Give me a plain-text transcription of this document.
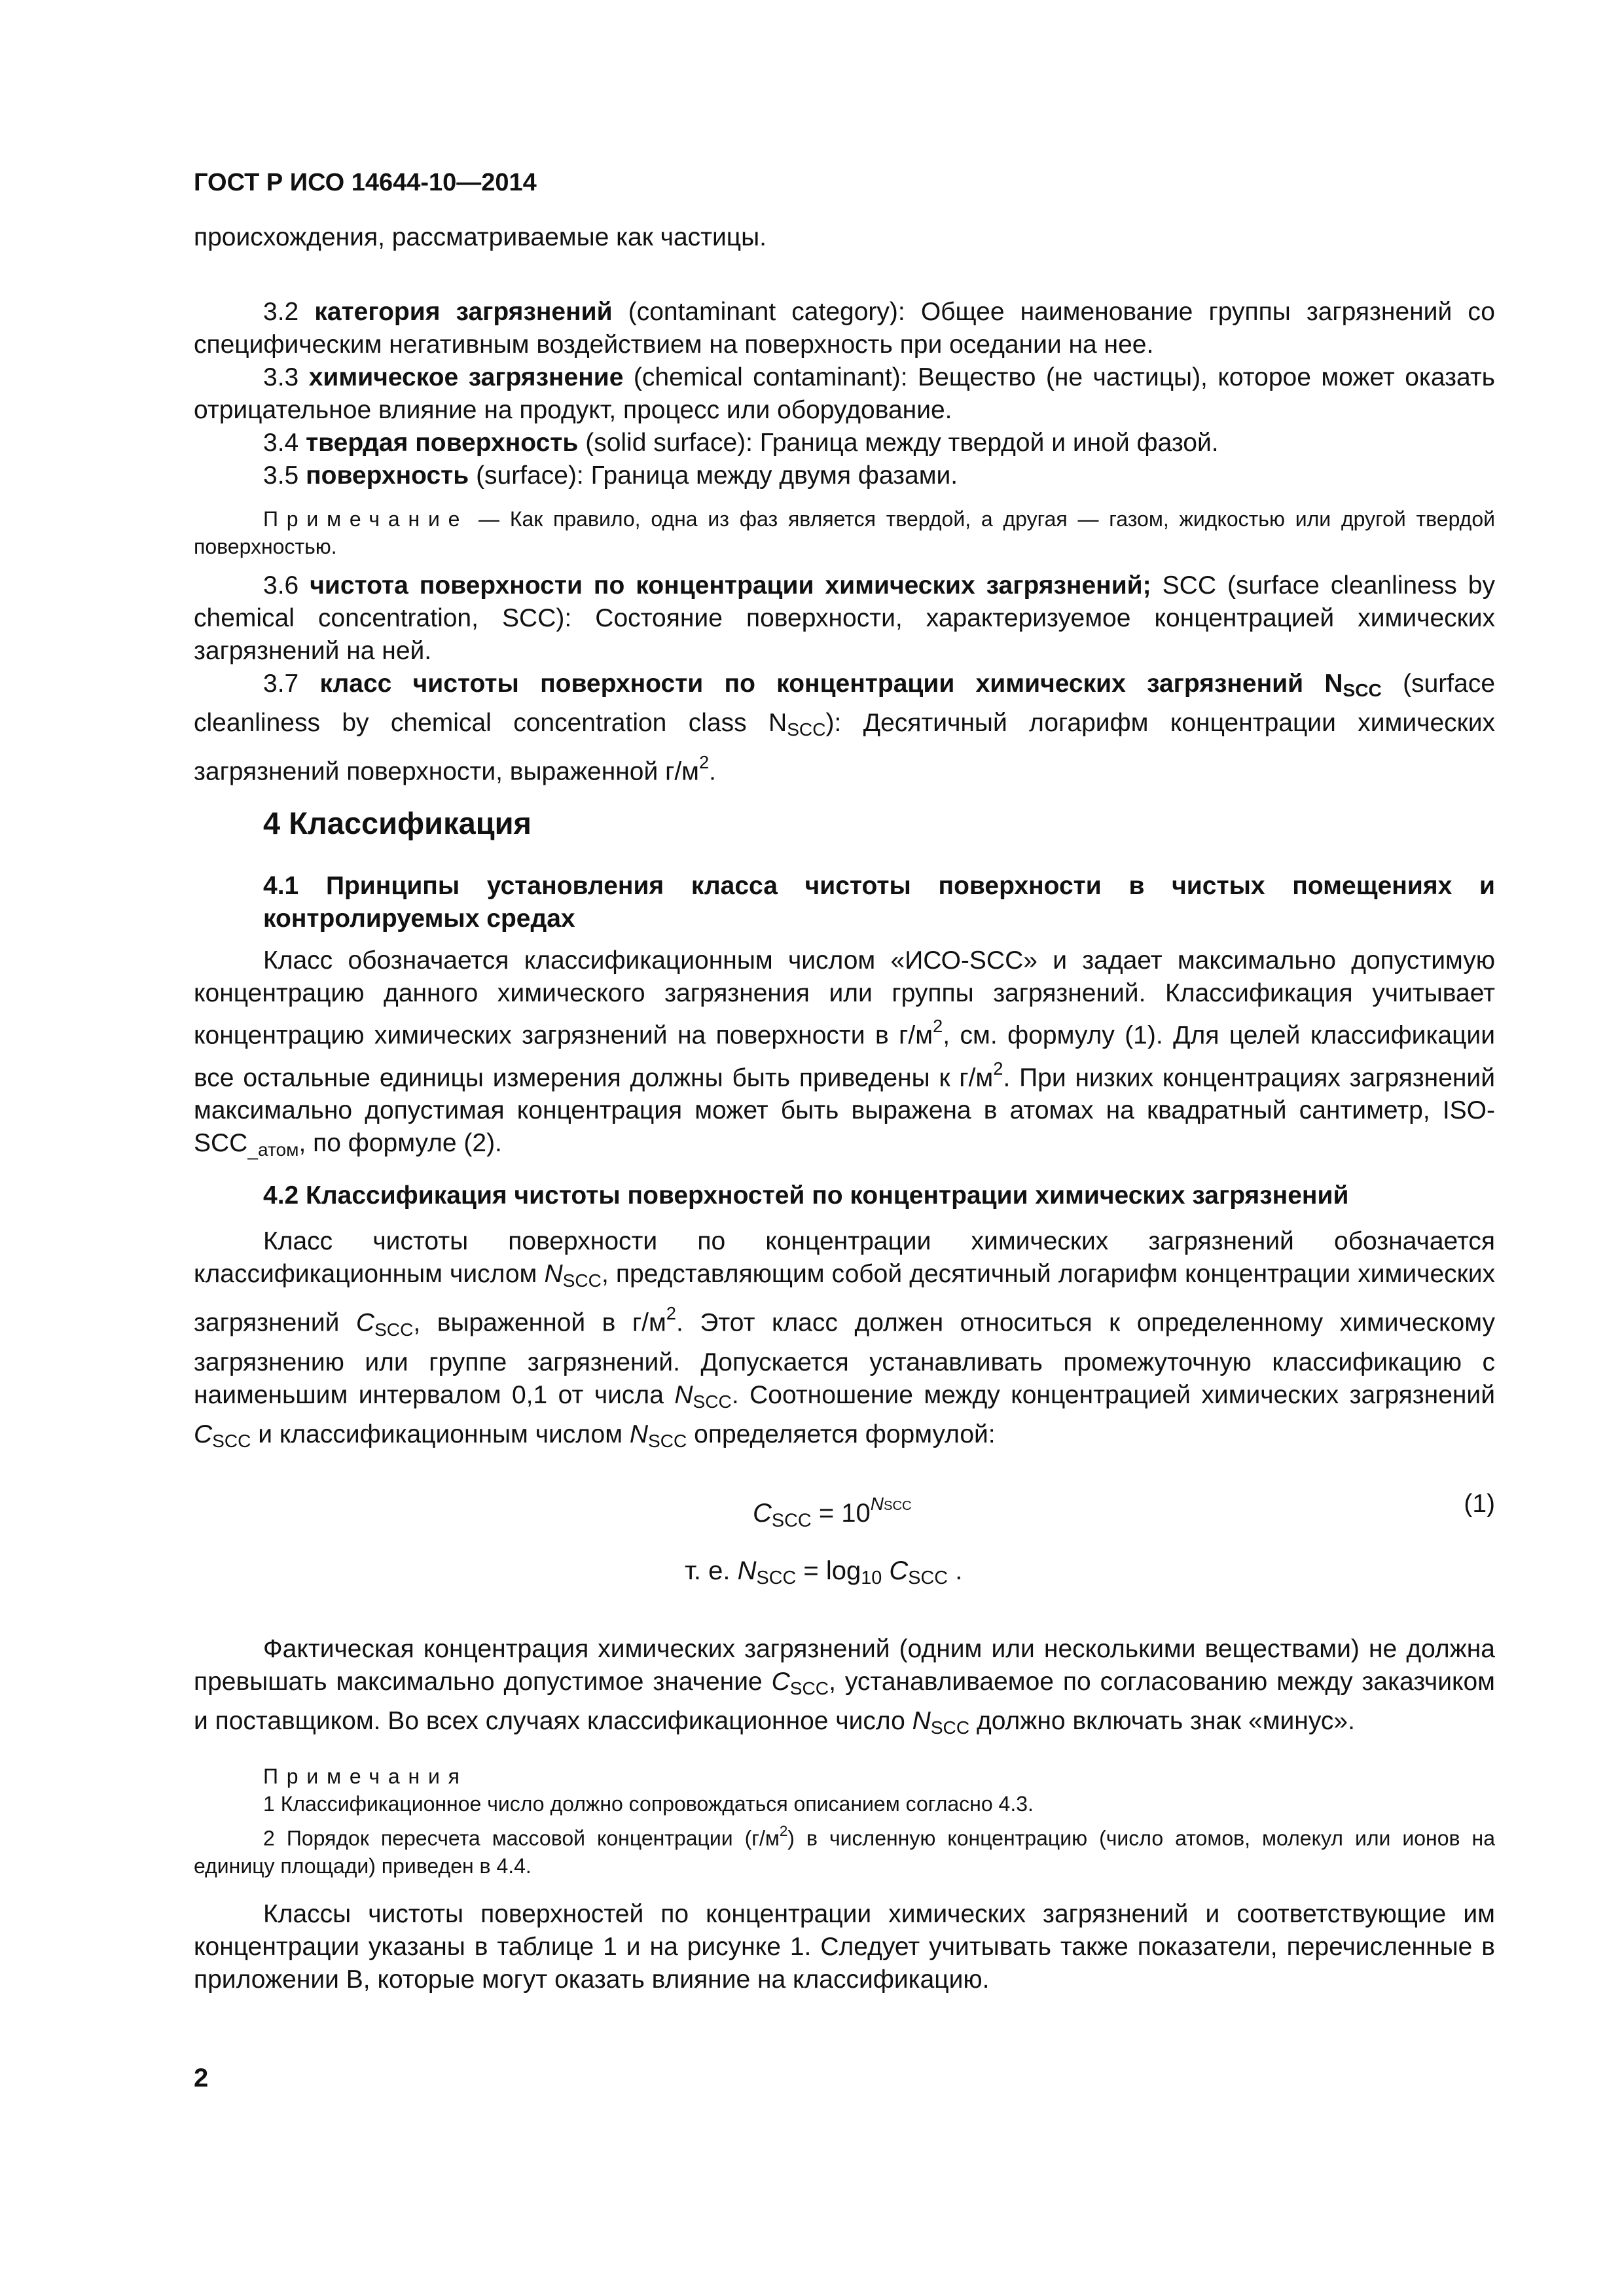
ГОСТ Р ИСО 14644-10—2014

происхождения, рассматриваемые как частицы.

3.2 категория загрязнений (contaminant category): Общее наименование группы загрязнений со специфическим негативным воздействием на поверхность при оседании на нее.

3.3 химическое загрязнение (chemical contaminant): Вещество (не частицы), которое может оказать отрицательное влияние на продукт, процесс или оборудование.

3.4 твердая поверхность (solid surface): Граница между твердой и иной фазой.

3.5 поверхность (surface): Граница между двумя фазами.

Примечание — Как правило, одна из фаз является твердой, а другая — газом, жидкостью или другой твердой поверхностью.

3.6 чистота поверхности по концентрации химических загрязнений; SCC (surface cleanliness by chemical concentration, SCC): Состояние поверхности, характеризуемое концентрацией химических загрязнений на ней.

3.7 класс чистоты поверхности по концентрации химических загрязнений $N_{SCC}$ (surface cleanliness by chemical concentration class $N_{SCC}$): Десятичный логарифм концентрации химических загрязнений поверхности, выраженной $г/м^2$.

4 Классификация

4.1 Принципы установления класса чистоты поверхности в чистых помещениях и контролируемых средах

Класс обозначается классификационным числом «ИСО-SCC» и задает максимально допустимую концентрацию данного химического загрязнения или группы загрязнений. Классификация учитывает концентрацию химических загрязнений на поверхности в $г/м^2$, см. формулу (1). Для целей классификации все остальные единицы измерения должны быть приведены к $г/м^2$. При низких концентрациях загрязнений максимально допустимая концентрация может быть выражена в атомах на квадратный сантиметр, ISO-$SCC_{\_атом}$, по формуле (2).

4.2 Классификация чистоты поверхностей по концентрации химических загрязнений

Класс чистоты поверхности по концентрации химических загрязнений обозначается классификационным числом $N_{SCC}$, представляющим собой десятичный логарифм концентрации химических загрязнений $C_{SCC}$, выраженной в $г/м^2$. Этот класс должен относиться к определенному химическому загрязнению или группе загрязнений. Допускается устанавливать промежуточную классификацию с наименьшим интервалом 0,1 от числа $N_{SCC}$. Соотношение между концентрацией химических загрязнений $C_{SCC}$ и классификационным числом $N_{SCC}$ определяется формулой:

$C_{SCC} = 10^{NSCC}$	(1)
т. е. $N_{SCC} = \log_{10} C_{SCC}$ .

Фактическая концентрация химических загрязнений (одним или несколькими веществами) не должна превышать максимально допустимое значение $C_{SCC}$, устанавливаемое по согласованию между заказчиком и поставщиком. Во всех случаях классификационное число $N_{SCC}$ должно включать знак «минус».

Примечания

1 Классификационное число должно сопровождаться описанием согласно 4.3.

2 Порядок пересчета массовой концентрации $(г/м^2)$ в численную концентрацию (число атомов, молекул или ионов на единицу площади) приведен в 4.4.

Классы чистоты поверхностей по концентрации химических загрязнений и соответствующие им концентрации указаны в таблице 1 и на рисунке 1. Следует учитывать также показатели, перечисленные в приложении В, которые могут оказать влияние на классификацию.

2
